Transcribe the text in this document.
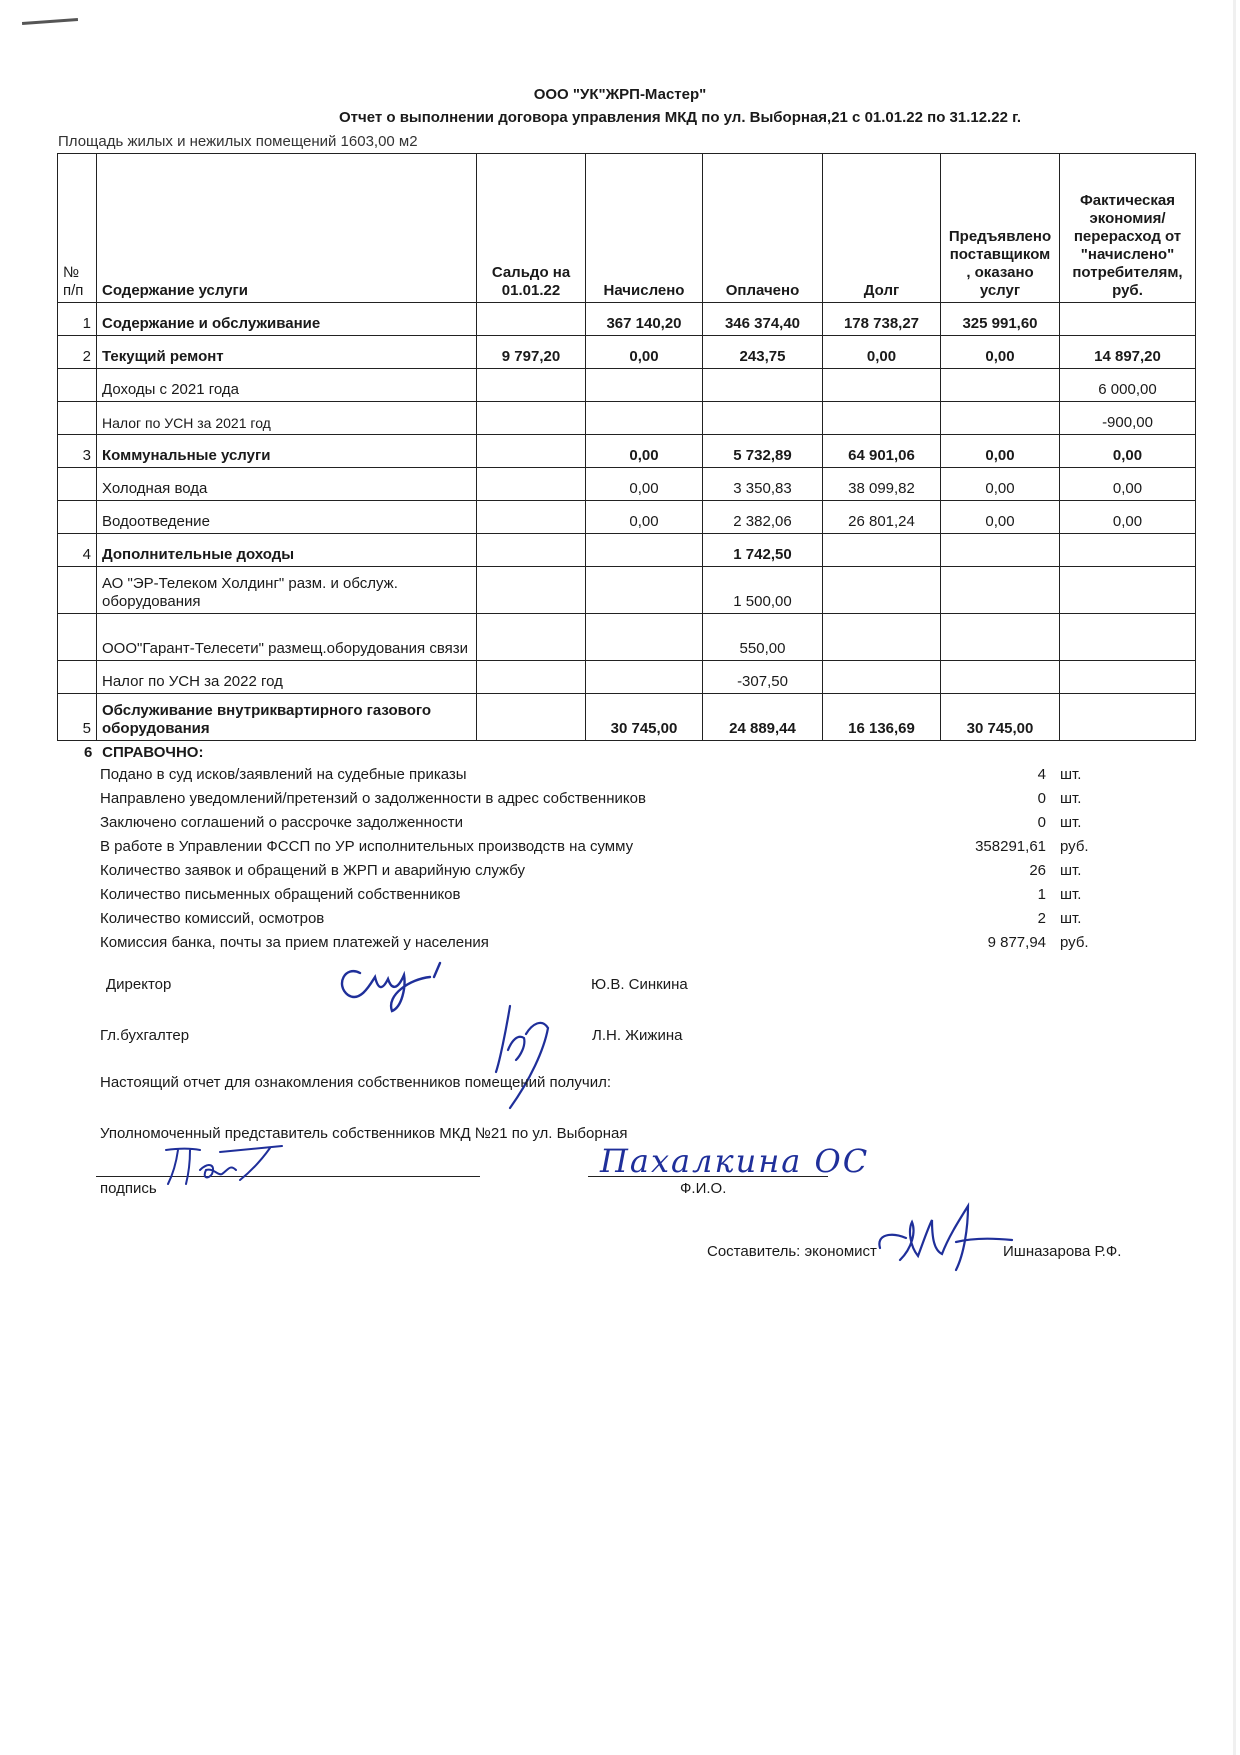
ООО "УК"ЖРП-Мастер"
Отчет о выполнении договора управления МКД по ул. Выборная,21 с 01.01.22 по 31.12.22 г.
Площадь жилых и нежилых помещений 1603,00 м2
№ п/п	Содержание услуги	Сальдо на 01.01.22	Начислено	Оплачено	Долг	Предъявлено поставщиком , оказано услуг	Фактическая экономия/перерасход от "начислено" потребителям, руб.
1	Содержание и обслуживание		367 140,20	346 374,40	178 738,27	325 991,60	
2	Текущий ремонт	9 797,20	0,00	243,75	0,00	0,00	14 897,20
	Доходы с 2021 года						6 000,00
	Налог по УСН за 2021 год						-900,00
3	Коммунальные услуги		0,00	5 732,89	64 901,06	0,00	0,00
	Холодная вода		0,00	3 350,83	38 099,82	0,00	0,00
	Водоотведение		0,00	2 382,06	26 801,24	0,00	0,00
4	Дополнительные доходы			1 742,50			
	АО "ЭР-Телеком Холдинг" разм. и обслуж. оборудования			1 500,00			
	ООО"Гарант-Телесети" размещ.оборудования связи			550,00			
	Налог по УСН за 2022 год			-307,50			
5	Обслуживание внутриквартирного газового оборудования		30 745,00	24 889,44	16 136,69	30 745,00	
6 СПРАВОЧНО:
Подано в суд исков/заявлений на судебные приказы	4 шт.
Направлено уведомлений/претензий о задолженности в адрес собственников	0 шт.
Заключено соглашений о рассрочке задолженности	0 шт.
В работе в Управлении ФССП по УР исполнительных производств на сумму	358291,61 руб.
Количество заявок и обращений в ЖРП и аварийную службу	26 шт.
Количество письменных обращений собственников	1 шт.
Количество комиссий, осмотров	2 шт.
Комиссия банка, почты за прием платежей у населения	9 877,94 руб.
Директор	Ю.В. Синкина
Гл.бухгалтер	Л.Н. Жижина
Настоящий отчет для ознакомления собственников помещений получил:
Уполномоченный представитель собственников МКД №21 по ул. Выборная
Пахалкина ОС
подпись	Ф.И.О.
Составитель: экономист	Ишназарова Р.Ф.
